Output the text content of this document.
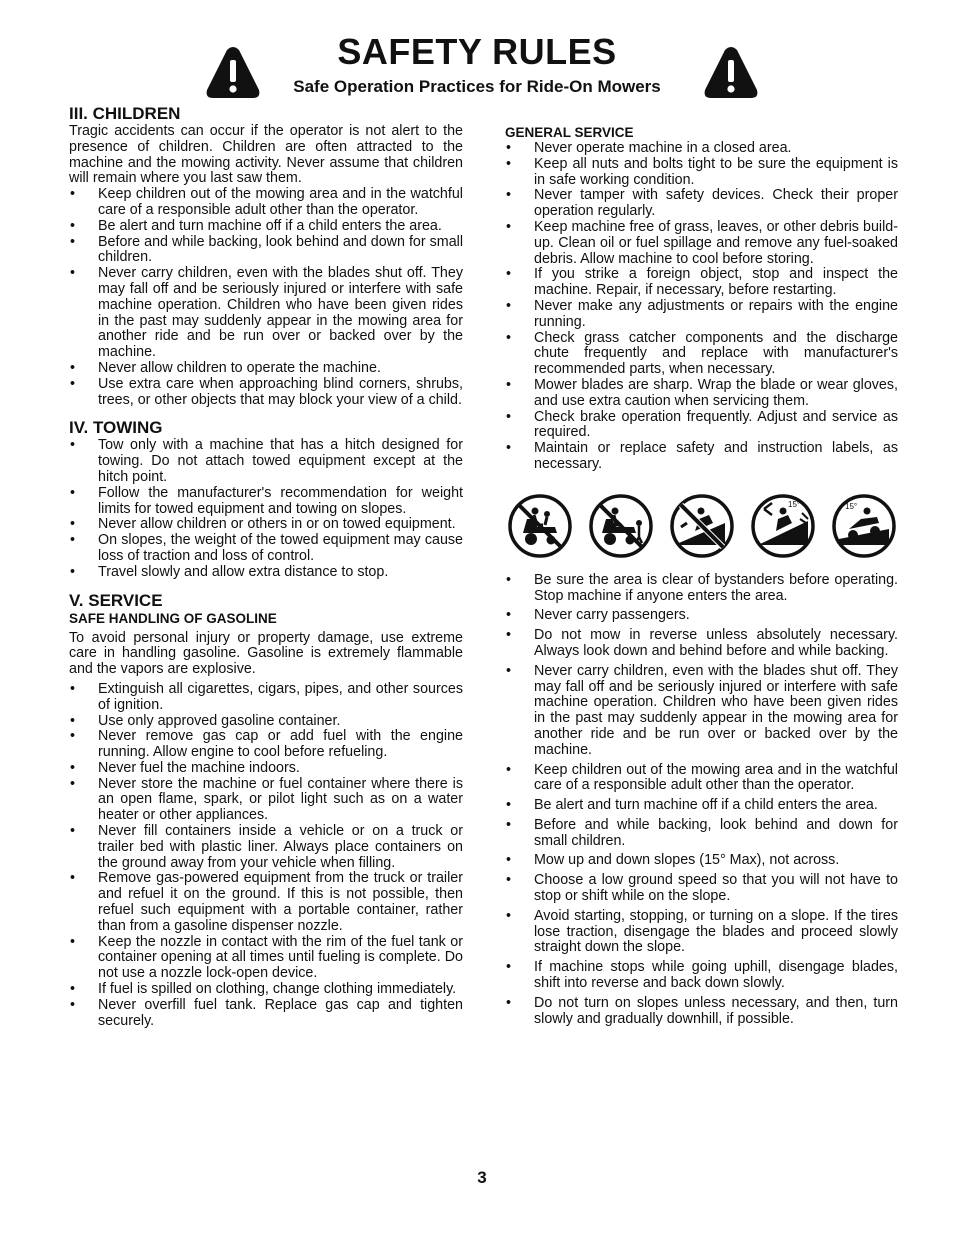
SAFETY RULES
Safe Operation Practices for Ride-On Mowers
III. CHILDREN

Tragic accidents can occur if the operator is not alert to the presence of children. Children are often attracted to the machine and the mowing activity. Never assume that children will remain where you last saw them.

• Keep children out of the mowing area and in the watchful care of a responsible adult other than the operator.
• Be alert and turn machine off if a child enters the area.
• Before and while backing, look behind and down for small children.
• Never carry children, even with the blades shut off. They may fall off and be seriously injured or interfere with safe machine operation. Children who have been given rides in the past may suddenly appear in the mowing area for another ride and be run over or backed over by the machine.
• Never allow children to operate the machine.
• Use extra care when approaching blind corners, shrubs, trees, or other objects that may block your view of a child.
IV. TOWING
• Tow only with a machine that has a hitch designed for towing. Do not attach towed equipment except at the hitch point.
• Follow the manufacturer's recommendation for weight limits for towed equipment and towing on slopes.
• Never allow children or others in or on towed equipment.
• On slopes, the weight of the towed equipment may cause loss of traction and loss of control.
• Travel slowly and allow extra distance to stop.
V. SERVICE
SAFE HANDLING OF GASOLINE

To avoid personal injury or property damage, use extreme care in handling gasoline. Gasoline is extremely flammable and the vapors are explosive.

• Extinguish all cigarettes, cigars, pipes, and other sources of ignition.
• Use only approved gasoline container.
• Never remove gas cap or add fuel with the engine running. Allow engine to cool before refueling.
• Never fuel the machine indoors.
• Never store the machine or fuel container where there is an open flame, spark, or pilot light such as on a water heater or other appliances.
• Never fill containers inside a vehicle or on a truck or trailer bed with plastic liner. Always place containers on the ground away from your vehicle when filling.
• Remove gas-powered equipment from the truck or trailer and refuel it on the ground. If this is not possible, then refuel such equipment with a portable container, rather than from a gasoline dispenser nozzle.
• Keep the nozzle in contact with the rim of the fuel tank or container opening at all times until fueling is complete. Do not use a nozzle lock-open device.
• If fuel is spilled on clothing, change clothing immediately.
• Never overfill fuel tank. Replace gas cap and tighten securely.
GENERAL SERVICE
• Never operate machine in a closed area.
• Keep all nuts and bolts tight to be sure the equipment is in safe working condition.
• Never tamper with safety devices. Check their proper operation regularly.
• Keep machine free of grass, leaves, or other debris build-up. Clean oil or fuel spillage and remove any fuel-soaked debris. Allow machine to cool before storing.
• If you strike a foreign object, stop and inspect the machine. Repair, if necessary, before restarting.
• Never make any adjustments or repairs with the engine running.
• Check grass catcher components and the discharge chute frequently and replace with manufacturer's recommended parts, when necessary.
• Mower blades are sharp. Wrap the blade or wear gloves, and use extra caution when servicing them.
• Check brake operation frequently. Adjust and service as required.
• Maintain or replace safety and instruction labels, as necessary.
15°	15°
• Be sure the area is clear of bystanders before operating. Stop machine if anyone enters the area.
• Never carry passengers.
• Do not mow in reverse unless absolutely necessary. Always look down and behind before and while backing.
• Never carry children, even with the blades shut off. They may fall off and be seriously injured or interfere with safe machine operation. Children who have been given rides in the past may suddenly appear in the mowing area for another ride and be run over or backed over by the machine.
• Keep children out of the mowing area and in the watchful care of a responsible adult other than the operator.
• Be alert and turn machine off if a child enters the area.
• Before and while backing, look behind and down for small children.
• Mow up and down slopes (15° Max), not across.
• Choose a low ground speed so that you will not have to stop or shift while on the slope.
• Avoid starting, stopping, or turning on a slope. If the tires lose traction, disengage the blades and proceed slowly straight down the slope.
• If machine stops while going uphill, disengage blades, shift into reverse and back down slowly.
• Do not turn on slopes unless necessary, and then, turn slowly and gradually downhill, if possible.
3
